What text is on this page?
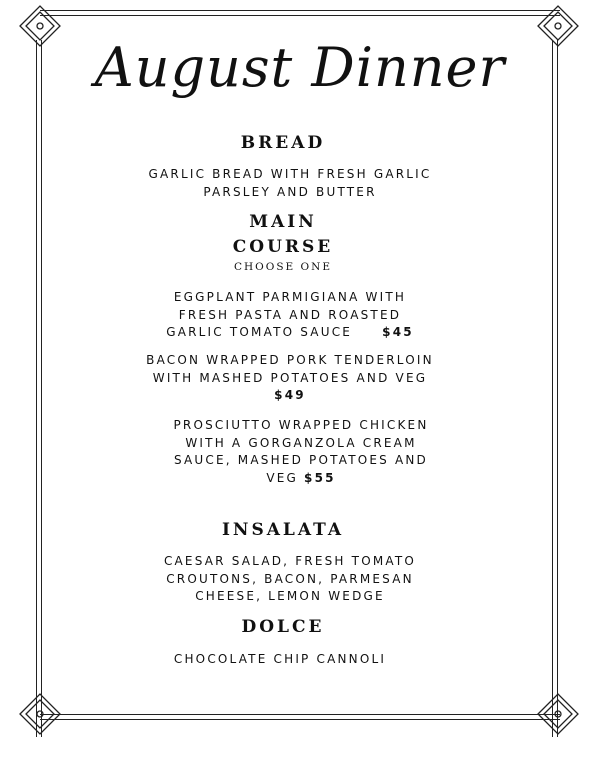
August Dinner
BREAD
GARLIC BREAD WITH FRESH GARLIC PARSLEY AND BUTTER
MAIN
COURSE
CHOOSE ONE
EGGPLANT PARMIGIANA WITH FRESH PASTA AND ROASTED GARLIC TOMATO SAUCE	$45
BACON WRAPPED PORK TENDERLOIN WITH MASHED POTATOES AND VEG
$49
PROSCIUTTO WRAPPED CHICKEN WITH A GORGANZOLA CREAM SAUCE, MASHED POTATOES AND VEG $55
INSALATA
CAESAR SALAD, FRESH TOMATO CROUTONS, BACON, PARMESAN CHEESE, LEMON WEDGE
DOLCE
CHOCOLATE CHIP CANNOLI
